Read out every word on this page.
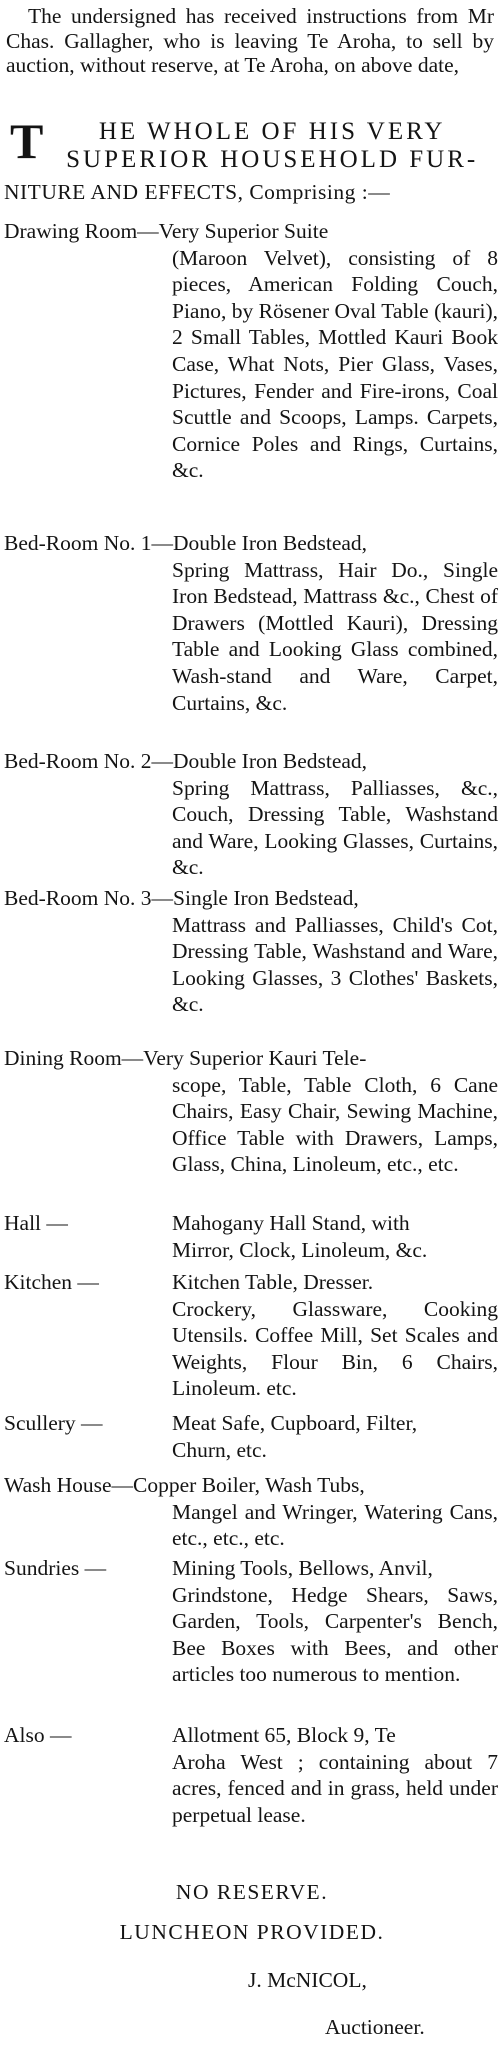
The undersigned has received instructions from Mr Chas. Gallagher, who is leaving Te Aroha, to sell by auction, without reserve, at Te Aroha, on above date,
T HE WHOLE OF HIS VERY
SUPERIOR HOUSEHOLD FUR-
NITURE AND EFFECTS, Comprising :—
Drawing Room—Very Superior Suite
(Maroon Velvet), consisting of 8 pieces, American Folding Couch, Piano, by Rösener Oval Table (kauri), 2 Small Tables, Mottled Kauri Book Case, What Nots, Pier Glass, Vases, Pictures, Fender and Fire-irons, Coal Scuttle and Scoops, Lamps. Carpets, Cornice Poles and Rings, Curtains, &c.
Bed-Room No. 1—Double Iron Bedstead,
Spring Mattrass, Hair Do., Single Iron Bedstead, Mattrass &c., Chest of Drawers (Mottled Kauri), Dressing Table and Looking Glass combined, Wash-stand and Ware, Carpet, Curtains, &c.
Bed-Room No. 2—Double Iron Bedstead,
Spring Mattrass, Palliasses, &c., Couch, Dressing Table, Washstand and Ware, Looking Glasses, Curtains, &c.
Bed-Room No. 3—Single Iron Bedstead,
Mattrass and Palliasses, Child's Cot, Dressing Table, Washstand and Ware, Looking Glasses, 3 Clothes' Baskets, &c.
Dining Room—Very Superior Kauri Tele-
scope, Table, Table Cloth, 6 Cane Chairs, Easy Chair, Sewing Machine, Office Table with Drawers, Lamps, Glass, China, Linoleum, etc., etc.
Hall —	Mahogany Hall Stand, with
Mirror, Clock, Linoleum, &c.
Kitchen —	Kitchen Table, Dresser.
Crockery, Glassware, Cooking Utensils. Coffee Mill, Set Scales and Weights, Flour Bin, 6 Chairs, Linoleum. etc.
Scullery —	Meat Safe, Cupboard, Filter,
Churn, etc.
Wash House—Copper Boiler, Wash Tubs,
Mangel and Wringer, Watering Cans, etc., etc., etc.
Sundries —	Mining Tools, Bellows, Anvil,
Grindstone, Hedge Shears, Saws, Garden, Tools, Carpenter's Bench, Bee Boxes with Bees, and other articles too numerous to mention.
Also —	Allotment 65, Block 9, Te
Aroha West ; containing about 7 acres, fenced and in grass, held under perpetual lease.
NO RESERVE.
LUNCHEON PROVIDED.
J. McNICOL,
Auctioneer.
